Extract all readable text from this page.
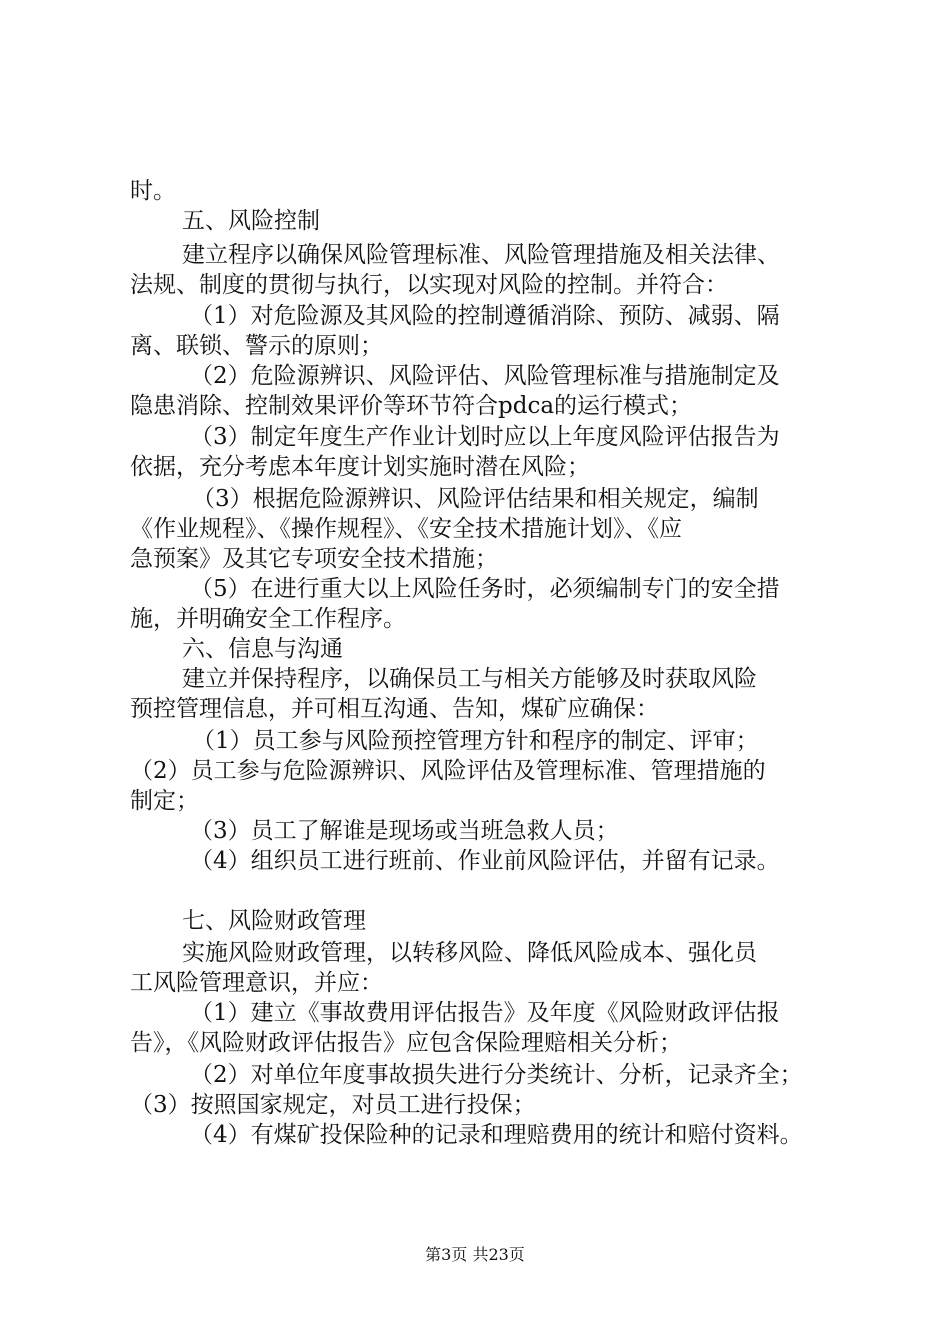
时。
五、风险控制
建立程序以确保风险管理标准、风险管理措施及相关法律、
法规、制度的贯彻与执行，以实现对风险的控制。并符合：
（1）对危险源及其风险的控制遵循消除、预防、减弱、隔
离、联锁、警示的原则；
（2）危险源辨识、风险评估、风险管理标准与措施制定及
隐患消除、控制效果评价等环节符合pdca的运行模式；
（3）制定年度生产作业计划时应以上年度风险评估报告为
依据，充分考虑本年度计划实施时潜在风险；
（3）根据危险源辨识、风险评估结果和相关规定，编制
《作业规程》、《操作规程》、《安全技术措施计划》、《应
急预案》及其它专项安全技术措施；
（5）在进行重大以上风险任务时，必须编制专门的安全措
施，并明确安全工作程序。
六、信息与沟通
建立并保持程序，以确保员工与相关方能够及时获取风险
预控管理信息，并可相互沟通、告知，煤矿应确保：
（1）员工参与风险预控管理方针和程序的制定、评审；
（2）员工参与危险源辨识、风险评估及管理标准、管理措施的
制定；
（3）员工了解谁是现场或当班急救人员；
（4）组织员工进行班前、作业前风险评估，并留有记录。
七、风险财政管理
实施风险财政管理，以转移风险、降低风险成本、强化员
工风险管理意识，并应：
（1）建立《事故费用评估报告》及年度《风险财政评估报
告》，《风险财政评估报告》应包含保险理赔相关分析；
（2）对单位年度事故损失进行分类统计、分析，记录齐全；
（3）按照国家规定，对员工进行投保；
（4）有煤矿投保险种的记录和理赔费用的统计和赔付资料。
第3页 共23页
